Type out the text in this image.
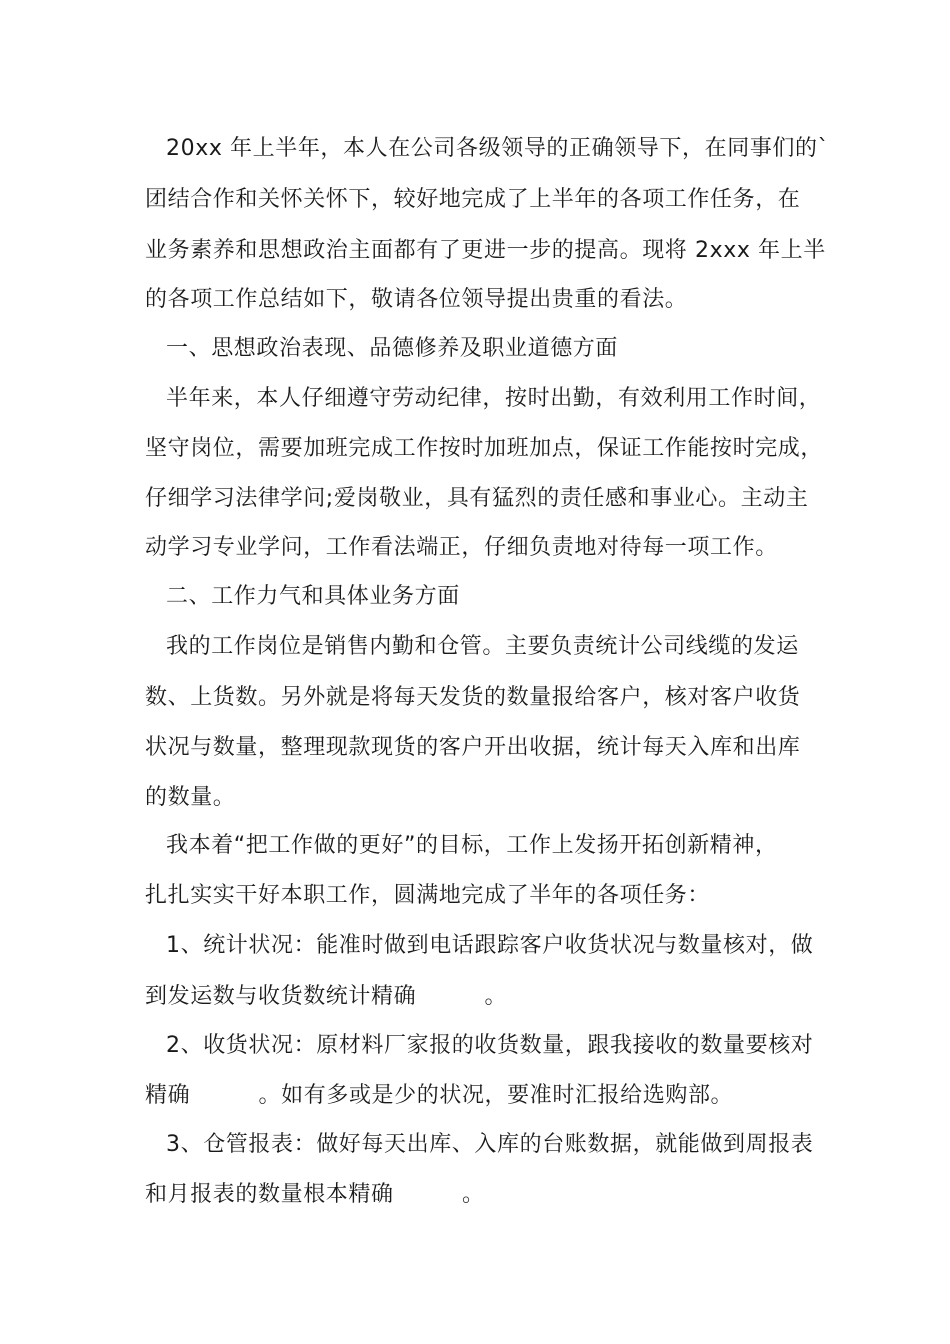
20xx 年上半年，本人在公司各级领导的正确领导下，在同事们的`
团结合作和关怀关怀下，较好地完成了上半年的各项工作任务，在
业务素养和思想政治主面都有了更进一步的提高。现将 2xxx 年上半
的各项工作总结如下，敬请各位领导提出贵重的看法。
一、思想政治表现、品德修养及职业道德方面
半年来，本人仔细遵守劳动纪律，按时出勤，有效利用工作时间，
坚守岗位，需要加班完成工作按时加班加点，保证工作能按时完成，
仔细学习法律学问;爱岗敬业，具有猛烈的责任感和事业心。主动主
动学习专业学问，工作看法端正，仔细负责地对待每一项工作。
二、工作力气和具体业务方面
我的工作岗位是销售内勤和仓管。主要负责统计公司线缆的发运
数、上货数。另外就是将每天发货的数量报给客户，核对客户收货
状况与数量，整理现款现货的客户开出收据，统计每天入库和出库
的数量。
我本着“把工作做的更好”的目标，工作上发扬开拓创新精神，
扎扎实实干好本职工作，圆满地完成了半年的各项任务：
1、统计状况：能准时做到电话跟踪客户收货状况与数量核对，做
到发运数与收货数统计精确         。
2、收货状况：原材料厂家报的收货数量，跟我接收的数量要核对
精确         。如有多或是少的状况，要准时汇报给选购部。
3、仓管报表：做好每天出库、入库的台账数据，就能做到周报表
和月报表的数量根本精确         。
